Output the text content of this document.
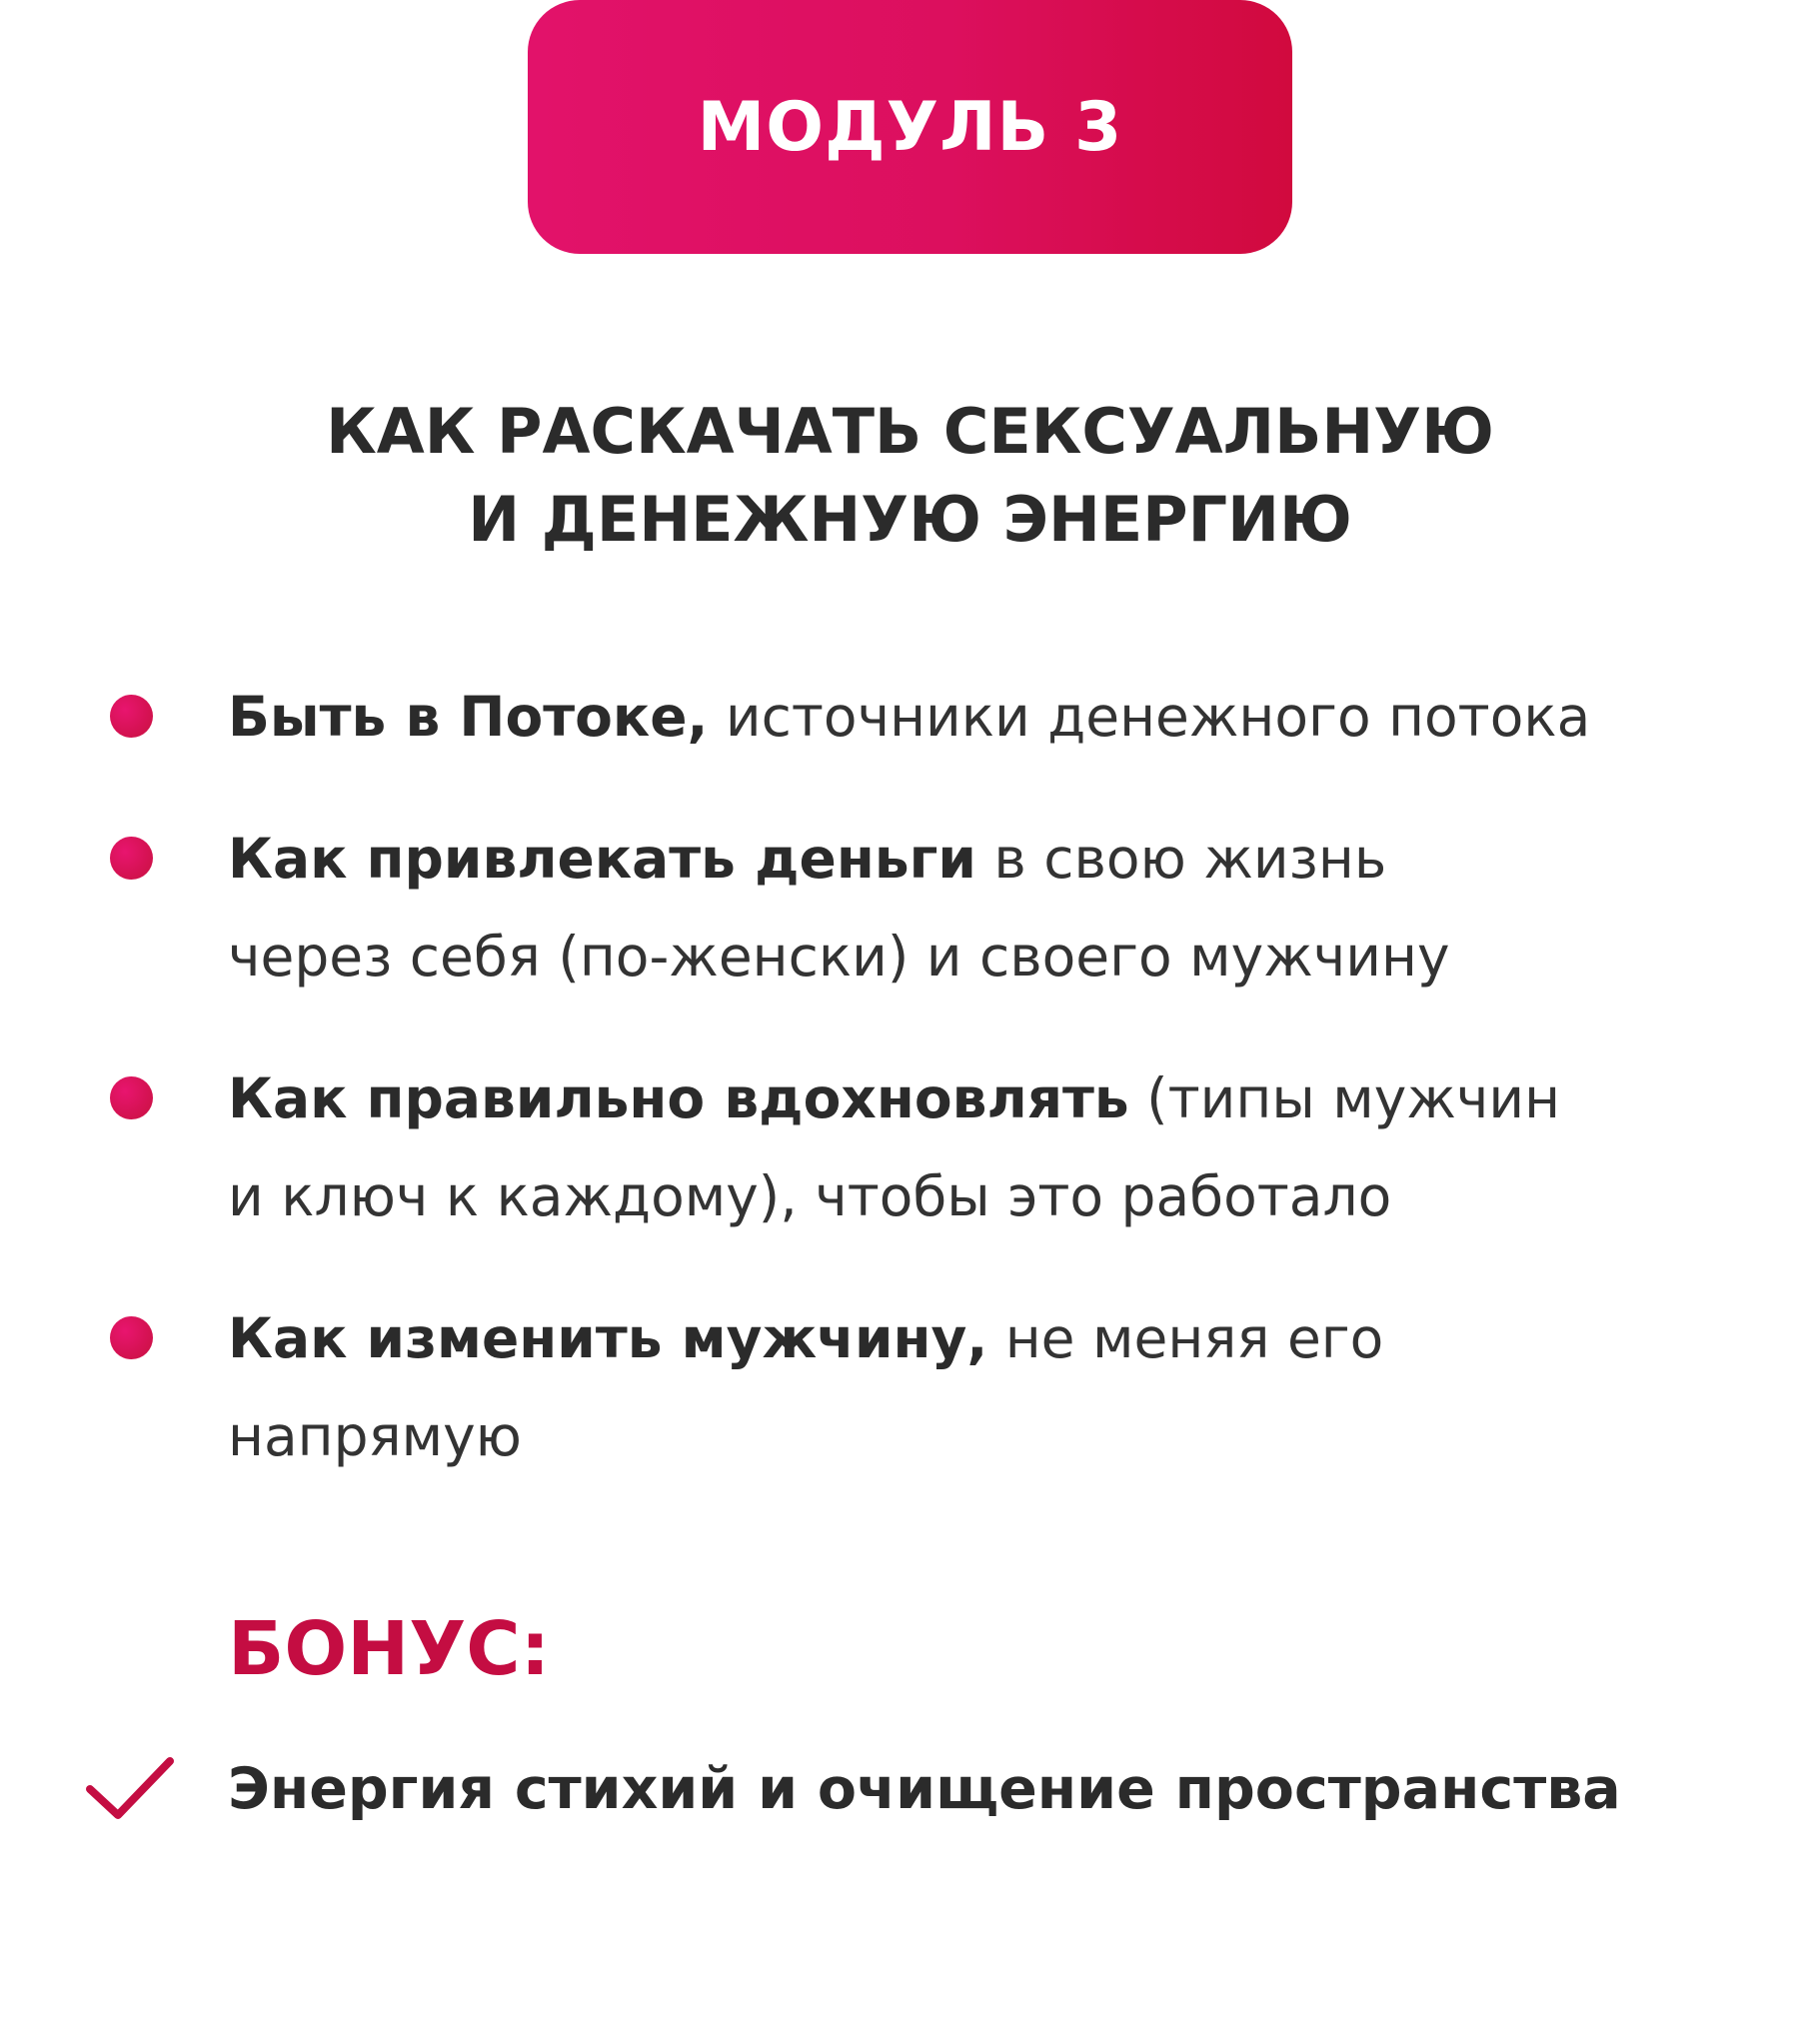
МОДУЛЬ 3
КАК РАСКАЧАТЬ СЕКСУАЛЬНУЮ
И ДЕНЕЖНУЮ ЭНЕРГИЮ
Быть в Потоке, источники денежного потока
Как привлекать деньги в свою жизнь
через себя (по-женски) и своего мужчину
Как правильно вдохновлять (типы мужчин
и ключ к каждому), чтобы это работало
Как изменить мужчину, не меняя его
напрямую
БОНУС:
Энергия стихий и очищение пространства
